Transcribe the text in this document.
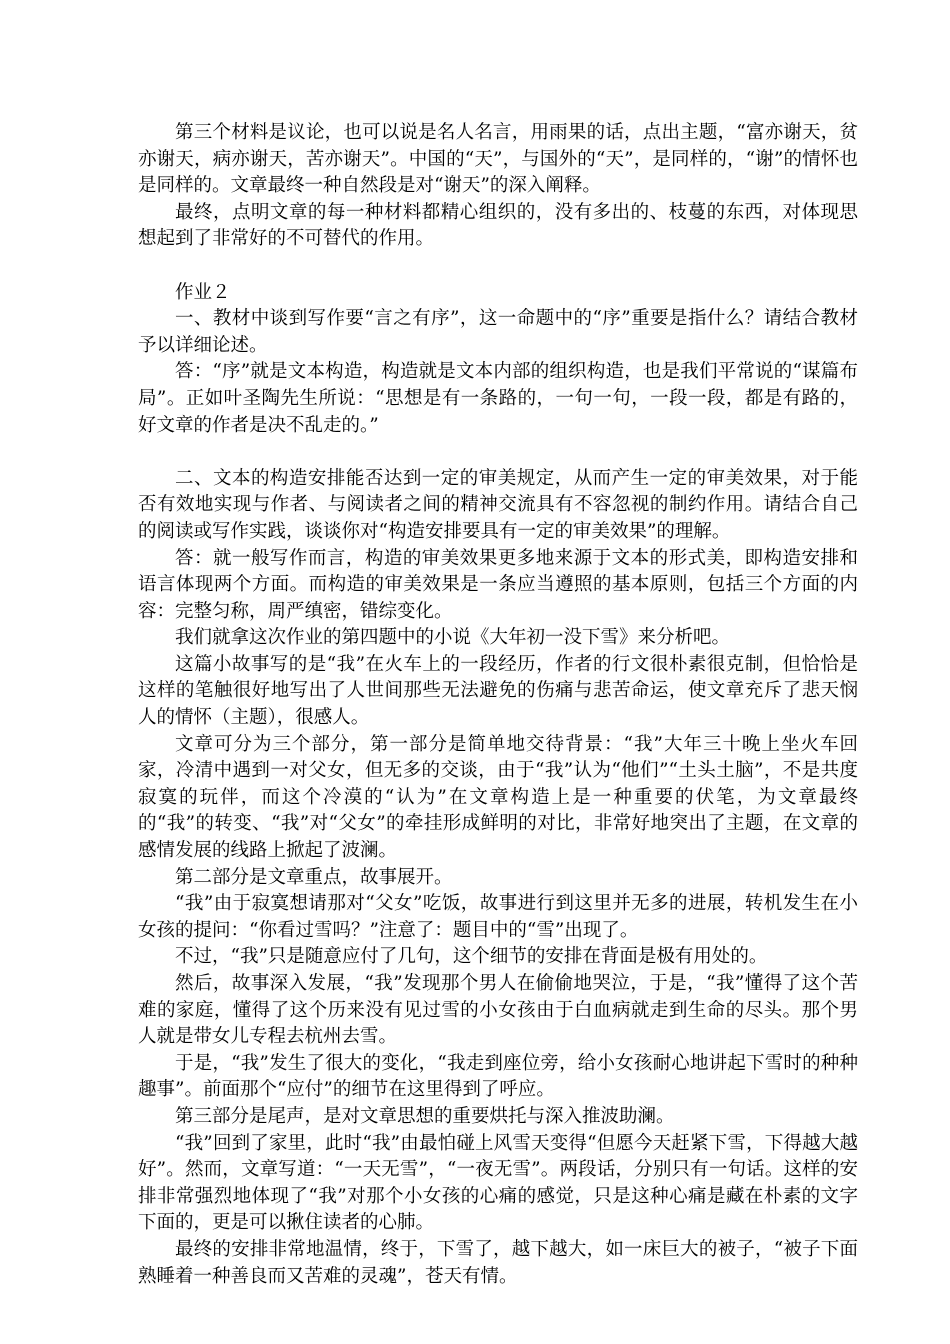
第三个材料是议论，也可以说是名人名言，用雨果的话，点出主题，“富亦谢天，贫亦谢天，病亦谢天，苦亦谢天”。中国的“天”，与国外的“天”，是同样的，“谢”的情怀也是同样的。文章最终一种自然段是对“谢天”的深入阐释。

最终，点明文章的每一种材料都精心组织的，没有多出的、枝蔓的东西，对体现思想起到了非常好的不可替代的作用。

作业２

一、教材中谈到写作要“言之有序”，这一命题中的“序”重要是指什么？请结合教材予以详细论述。

答：“序”就是文本构造，构造就是文本内部的组织构造，也是我们平常说的“谋篇布局”。正如叶圣陶先生所说：“思想是有一条路的，一句一句，一段一段，都是有路的，好文章的作者是决不乱走的。”

二、文本的构造安排能否达到一定的审美规定，从而产生一定的审美效果，对于能否有效地实现与作者、与阅读者之间的精神交流具有不容忽视的制约作用。请结合自己的阅读或写作实践，谈谈你对“构造安排要具有一定的审美效果”的理解。

答：就一般写作而言，构造的审美效果更多地来源于文本的形式美，即构造安排和语言体现两个方面。而构造的审美效果是一条应当遵照的基本原则，包括三个方面的内容：完整匀称，周严缜密，错综变化。

我们就拿这次作业的第四题中的小说《大年初一没下雪》来分析吧。

这篇小故事写的是“我”在火车上的一段经历，作者的行文很朴素很克制，但恰恰是这样的笔触很好地写出了人世间那些无法避免的伤痛与悲苦命运，使文章充斥了悲天悯人的情怀（主题），很感人。

文章可分为三个部分，第一部分是简单地交待背景：“我”大年三十晚上坐火车回家，冷清中遇到一对父女，但无多的交谈，由于“我”认为“他们”“土头土脑”，不是共度寂寞的玩伴，而这个冷漠的“认为”在文章构造上是一种重要的伏笔，为文章最终的“我”的转变、“我”对“父女”的牵挂形成鲜明的对比，非常好地突出了主题，在文章的感情发展的线路上掀起了波澜。

第二部分是文章重点，故事展开。

“我”由于寂寞想请那对“父女”吃饭，故事进行到这里并无多的进展，转机发生在小女孩的提问：“你看过雪吗？”注意了：题目中的“雪”出现了。

不过，“我”只是随意应付了几句，这个细节的安排在背面是极有用处的。

然后，故事深入发展，“我”发现那个男人在偷偷地哭泣，于是，“我”懂得了这个苦难的家庭，懂得了这个历来没有见过雪的小女孩由于白血病就走到生命的尽头。那个男人就是带女儿专程去杭州去雪。

于是，“我”发生了很大的变化，“我走到座位旁，给小女孩耐心地讲起下雪时的种种趣事”。前面那个“应付”的细节在这里得到了呼应。

第三部分是尾声，是对文章思想的重要烘托与深入推波助澜。

“我”回到了家里，此时“我”由最怕碰上风雪天变得“但愿今天赶紧下雪，下得越大越好”。然而，文章写道：“一天无雪”，“一夜无雪”。两段话，分别只有一句话。这样的安排非常强烈地体现了“我”对那个小女孩的心痛的感觉，只是这种心痛是藏在朴素的文字下面的，更是可以揪住读者的心肺。

最终的安排非常地温情，终于，下雪了，越下越大，如一床巨大的被子，“被子下面熟睡着一种善良而又苦难的灵魂”，苍天有情。
